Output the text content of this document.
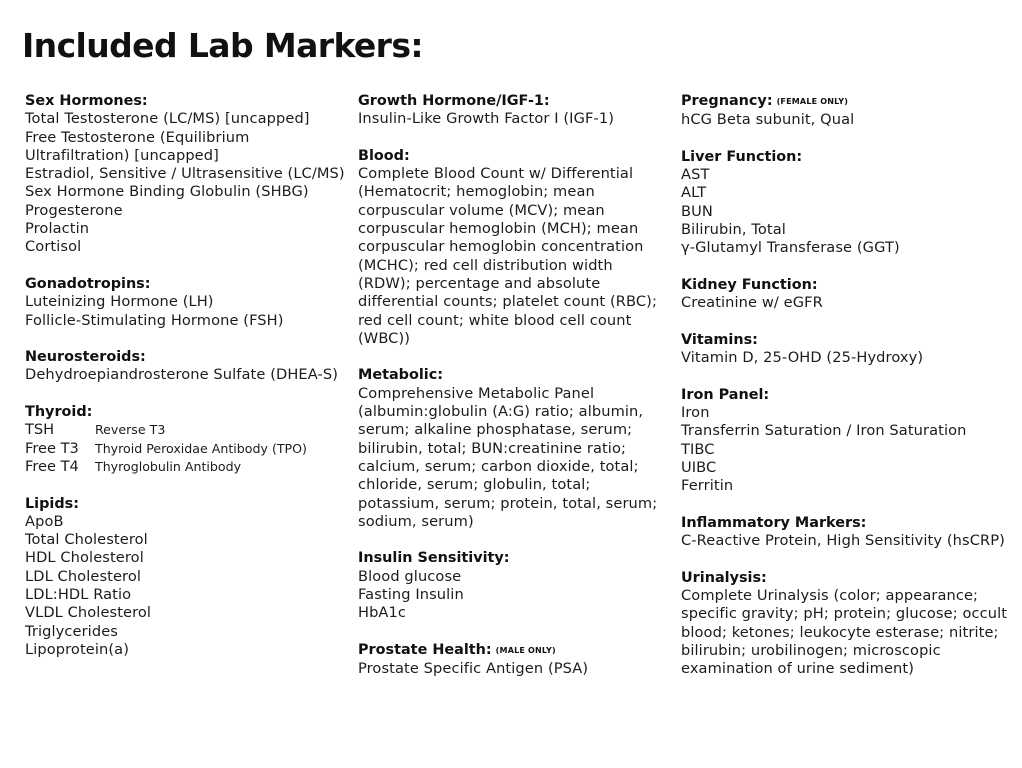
Included Lab Markers:
Sex Hormones:
Total Testosterone (LC/MS) [uncapped]
Free Testosterone (Equilibrium Ultrafiltration) [uncapped]
Estradiol, Sensitive / Ultrasensitive (LC/MS)
Sex Hormone Binding Globulin (SHBG)
Progesterone
Prolactin
Cortisol
Gonadotropins:
Luteinizing Hormone (LH)
Follicle-Stimulating Hormone (FSH)
Neurosteroids:
Dehydroepiandrosterone Sulfate (DHEA-S)
Thyroid:
TSH	Reverse T3
Free T3	Thyroid Peroxidae Antibody (TPO)
Free T4	Thyroglobulin Antibody
Lipids:
ApoB
Total Cholesterol
HDL Cholesterol
LDL Cholesterol
LDL:HDL Ratio
VLDL Cholesterol
Triglycerides
Lipoprotein(a)
Growth Hormone/IGF-1:
Insulin-Like Growth Factor I (IGF-1)
Blood:
Complete Blood Count w/ Differential (Hematocrit; hemoglobin; mean corpuscular volume (MCV); mean corpuscular hemoglobin (MCH); mean corpuscular hemoglobin concentration (MCHC); red cell distribution width (RDW); percentage and absolute differential counts; platelet count (RBC); red cell count; white blood cell count (WBC))
Metabolic:
Comprehensive Metabolic Panel (albumin:globulin (A:G) ratio; albumin, serum; alkaline phosphatase, serum; bilirubin, total; BUN:creatinine ratio; calcium, serum; carbon dioxide, total; chloride, serum; globulin, total; potassium, serum; protein, total, serum; sodium, serum)
Insulin Sensitivity:
Blood glucose
Fasting Insulin
HbA1c
Prostate Health: (MALE ONLY)
Prostate Specific Antigen (PSA)
Pregnancy: (FEMALE ONLY)
hCG Beta subunit, Qual
Liver Function:
AST
ALT
BUN
Bilirubin, Total
γ-Glutamyl Transferase (GGT)
Kidney Function:
Creatinine w/ eGFR
Vitamins:
Vitamin D, 25-OHD (25-Hydroxy)
Iron Panel:
Iron
Transferrin Saturation / Iron Saturation
TIBC
UIBC
Ferritin
Inflammatory Markers:
C-Reactive Protein, High Sensitivity (hsCRP)
Urinalysis:
Complete Urinalysis (color; appearance; specific gravity; pH; protein; glucose; occult blood; ketones; leukocyte esterase; nitrite; bilirubin; urobilinogen; microscopic examination of urine sediment)
